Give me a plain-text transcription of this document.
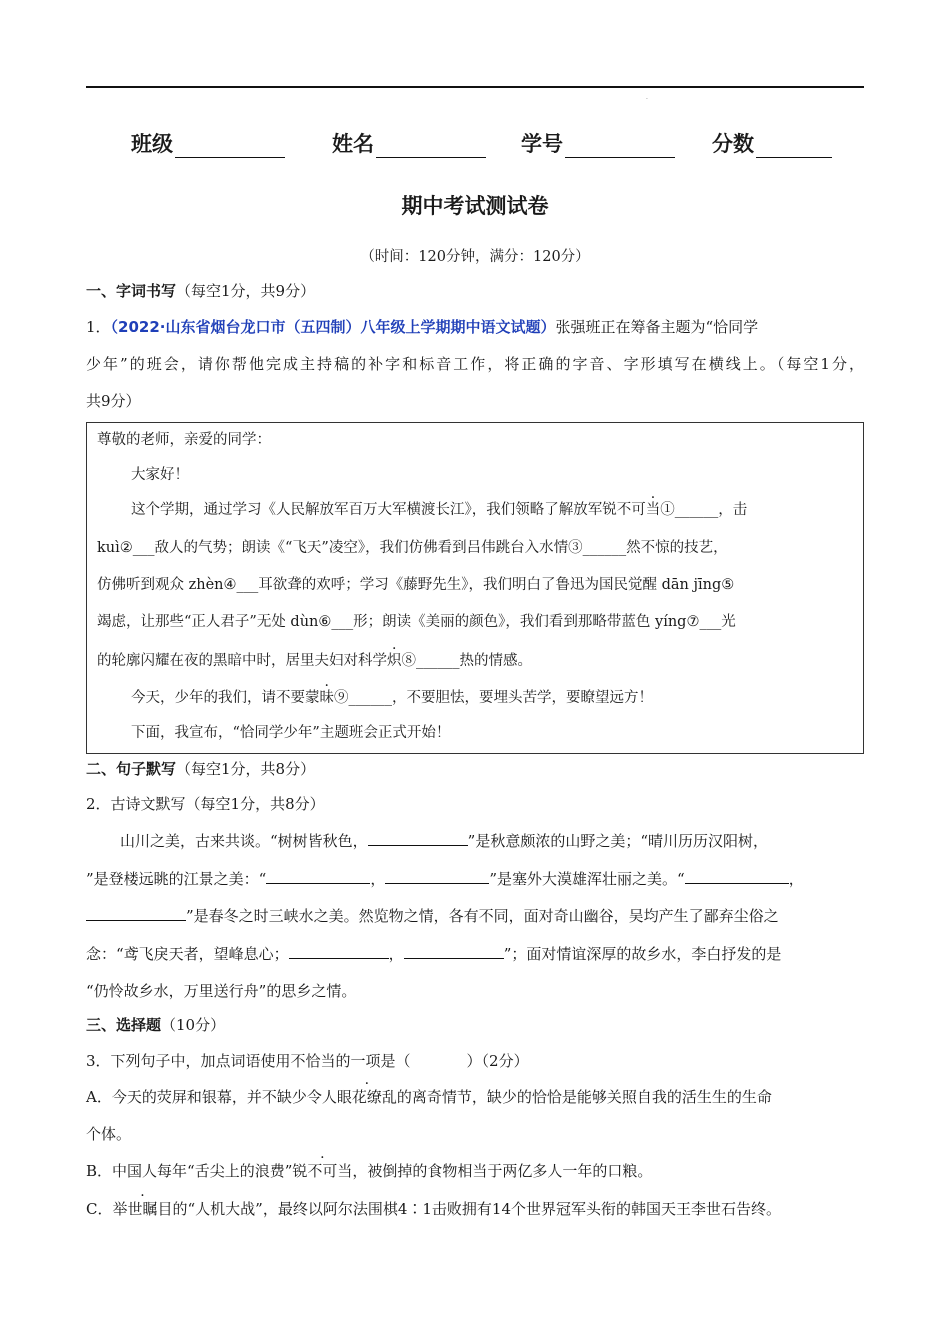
·
班级	姓名	学号	分数
期中考试测试卷
（时间：120分钟，满分：120分）
一、字词书写（每空1分，共9分）
1．（2022·山东省烟台龙口市（五四制）八年级上学期期中语文试题）张强班正在筹备主题为“恰同学
少年”的班会，请你帮他完成主持稿的补字和标音工作，将正确的字音、字形填写在横线上。（每空1分，
共9分）
尊敬的老师，亲爱的同学：
大家好！
这个学期，通过学习《人民解放军百万大军横渡长江》，我们领略了解放军锐不可当①______，击
kuì②___敌人的气势；朗读《“飞天”凌空》，我们仿佛看到吕伟跳台入水情③______然不惊的技艺，
仿佛听到观众 zhèn④___耳欲聋的欢呼；学习《藤野先生》，我们明白了鲁迅为国民觉醒 dān jīng⑤
竭虑，让那些“正人君子”无处 dùn⑥___形；朗读《美丽的颜色》，我们看到那略带蓝色 yíng⑦___光
的轮廓闪耀在夜的黑暗中时，居里夫妇对科学炽⑧______热的情感。
今天，少年的我们，请不要蒙昧⑨______，不要胆怯，要埋头苦学，要瞭望远方！
下面，我宣布，“恰同学少年”主题班会正式开始！
二、句子默写（每空1分，共8分）
2．古诗文默写（每空1分，共8分）
山川之美，古来共谈。“树树皆秋色，	”是秋意颇浓的山野之美；“晴川历历汉阳树，
”是登楼远眺的江景之美：“	，	”是塞外大漠雄浑壮丽之美。“	，
”是春冬之时三峡水之美。然览物之情，各有不同，面对奇山幽谷，吴均产生了鄙弃尘俗之
念：“鸢飞戾天者，望峰息心；	，	”；面对情谊深厚的故乡水，李白抒发的是
“仍怜故乡水，万里送行舟”的思乡之情。
三、选择题（10分）
3．下列句子中，加点词语使用不恰当的一项是（	）（2分）
A．今天的荧屏和银幕，并不缺少令人眼花缭乱的离奇情节，缺少的恰恰是能够关照自我的活生生的生命
个体。
B．中国人每年“舌尖上的浪费”锐不可当，被倒掉的食物相当于两亿多人一年的口粮。
C．举世瞩目的“人机大战”，最终以阿尔法围棋4∶1击败拥有14个世界冠军头衔的韩国天王李世石告终。
